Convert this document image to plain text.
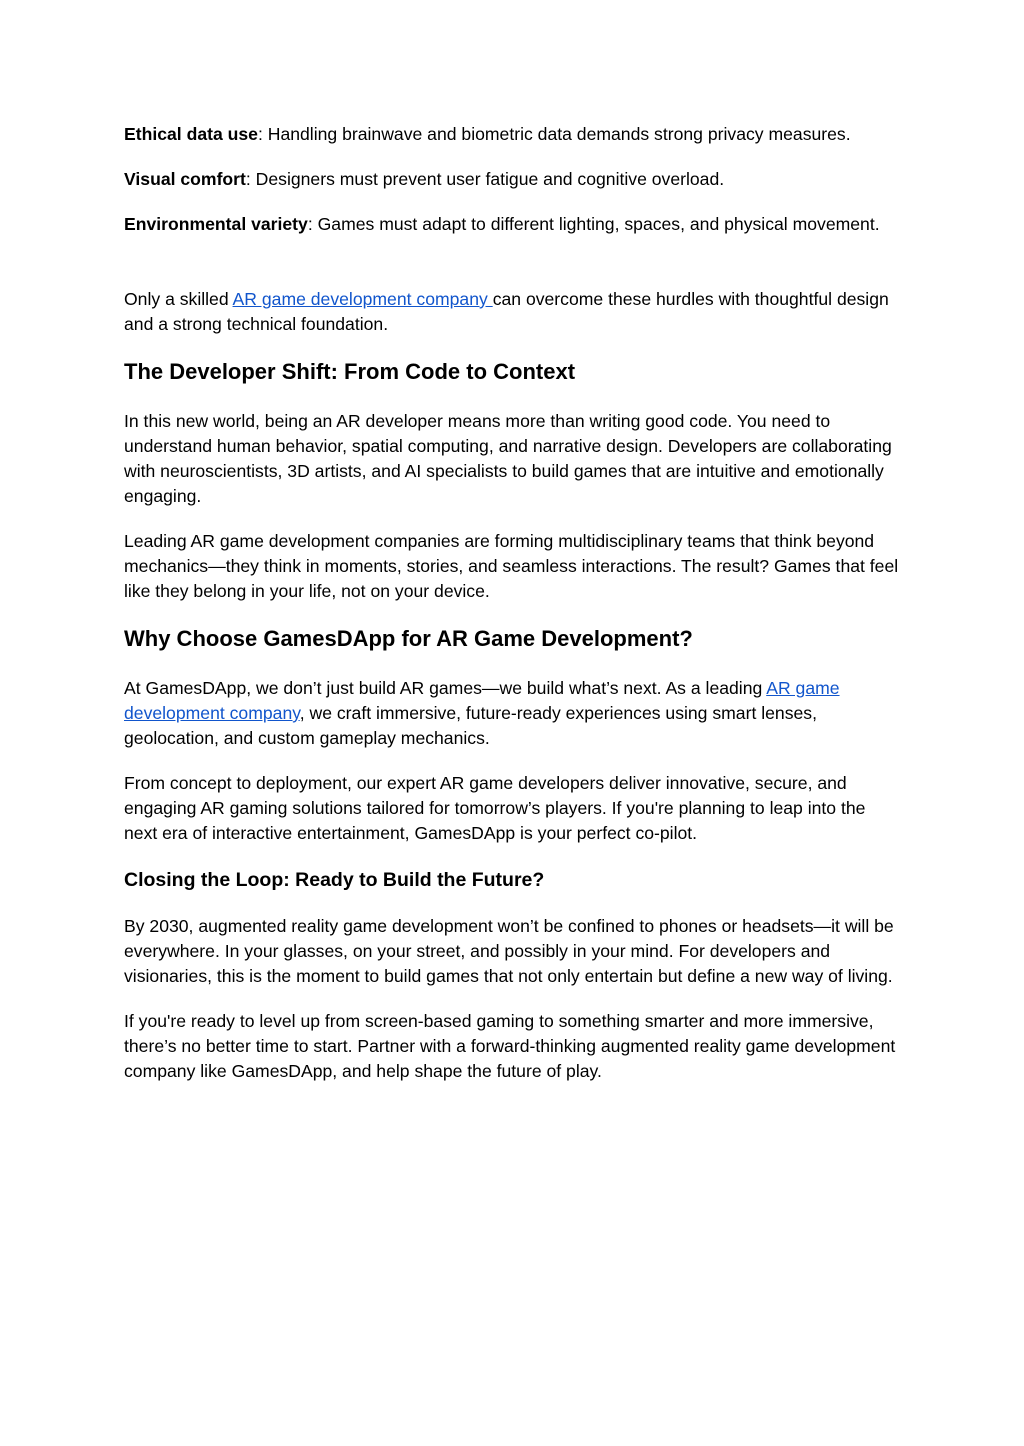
Ethical data use: Handling brainwave and biometric data demands strong privacy measures.

Visual comfort: Designers must prevent user fatigue and cognitive overload.

Environmental variety: Games must adapt to different lighting, spaces, and physical movement.

Only a skilled AR game development company can overcome these hurdles with thoughtful design and a strong technical foundation.

The Developer Shift: From Code to Context

In this new world, being an AR developer means more than writing good code. You need to understand human behavior, spatial computing, and narrative design. Developers are collaborating with neuroscientists, 3D artists, and AI specialists to build games that are intuitive and emotionally engaging.

Leading AR game development companies are forming multidisciplinary teams that think beyond mechanics—they think in moments, stories, and seamless interactions. The result? Games that feel like they belong in your life, not on your device.

Why Choose GamesDApp for AR Game Development?

At GamesDApp, we don’t just build AR games—we build what’s next. As a leading AR game development company, we craft immersive, future-ready experiences using smart lenses, geolocation, and custom gameplay mechanics.

From concept to deployment, our expert AR game developers deliver innovative, secure, and engaging AR gaming solutions tailored for tomorrow’s players. If you're planning to leap into the next era of interactive entertainment, GamesDApp is your perfect co-pilot.

Closing the Loop: Ready to Build the Future?

By 2030, augmented reality game development won’t be confined to phones or headsets—it will be everywhere. In your glasses, on your street, and possibly in your mind. For developers and visionaries, this is the moment to build games that not only entertain but define a new way of living.

If you're ready to level up from screen-based gaming to something smarter and more immersive, there’s no better time to start. Partner with a forward-thinking augmented reality game development company like GamesDApp, and help shape the future of play.
